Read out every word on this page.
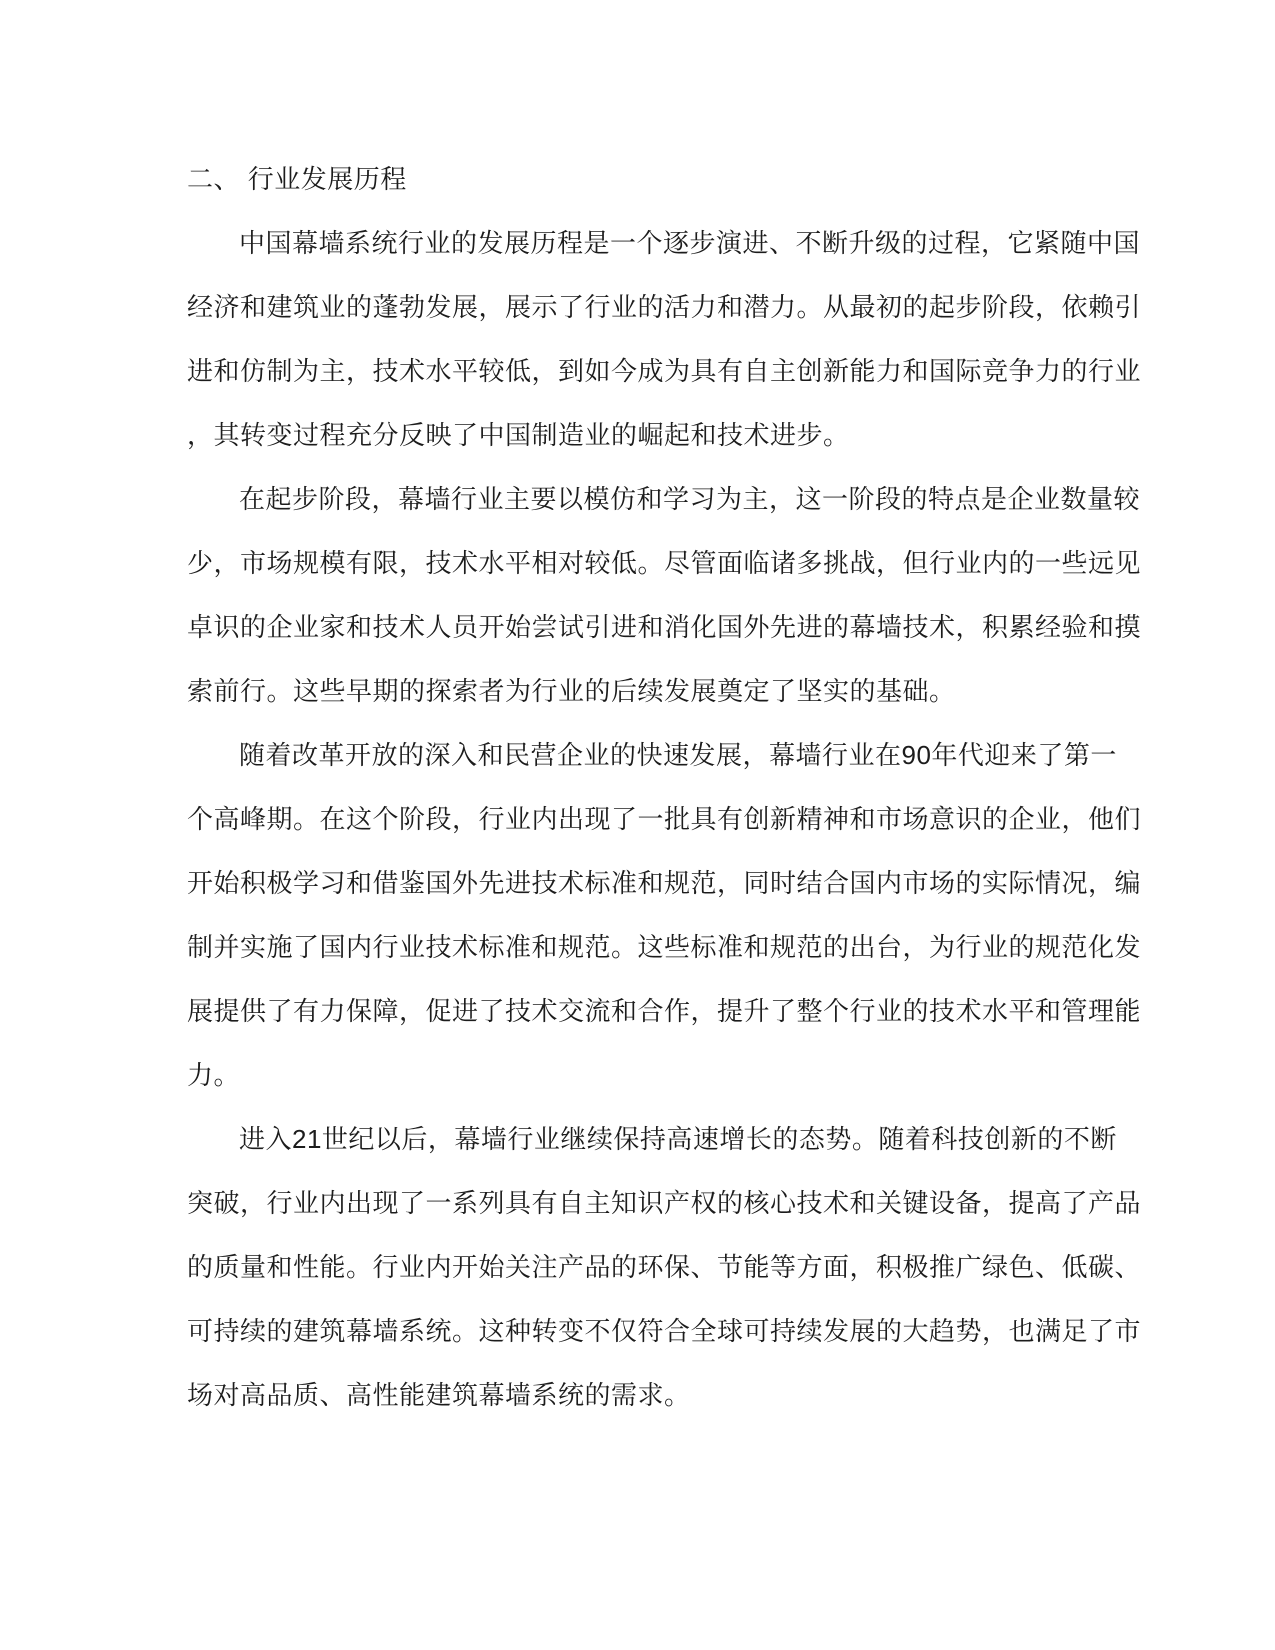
二、 行业发展历程
中国幕墙系统行业的发展历程是一个逐步演进、不断升级的过程，它紧随中国
经济和建筑业的蓬勃发展，展示了行业的活力和潜力。从最初的起步阶段，依赖引
进和仿制为主，技术水平较低，到如今成为具有自主创新能力和国际竞争力的行业
，其转变过程充分反映了中国制造业的崛起和技术进步。
在起步阶段，幕墙行业主要以模仿和学习为主，这一阶段的特点是企业数量较
少，市场规模有限，技术水平相对较低。尽管面临诸多挑战，但行业内的一些远见
卓识的企业家和技术人员开始尝试引进和消化国外先进的幕墙技术，积累经验和摸
索前行。这些早期的探索者为行业的后续发展奠定了坚实的基础。
随着改革开放的深入和民营企业的快速发展，幕墙行业在90年代迎来了第一
个高峰期。在这个阶段，行业内出现了一批具有创新精神和市场意识的企业，他们
开始积极学习和借鉴国外先进技术标准和规范，同时结合国内市场的实际情况，编
制并实施了国内行业技术标准和规范。这些标准和规范的出台，为行业的规范化发
展提供了有力保障，促进了技术交流和合作，提升了整个行业的技术水平和管理能
力。
进入21世纪以后，幕墙行业继续保持高速增长的态势。随着科技创新的不断
突破，行业内出现了一系列具有自主知识产权的核心技术和关键设备，提高了产品
的质量和性能。行业内开始关注产品的环保、节能等方面，积极推广绿色、低碳、
可持续的建筑幕墙系统。这种转变不仅符合全球可持续发展的大趋势，也满足了市
场对高品质、高性能建筑幕墙系统的需求。
